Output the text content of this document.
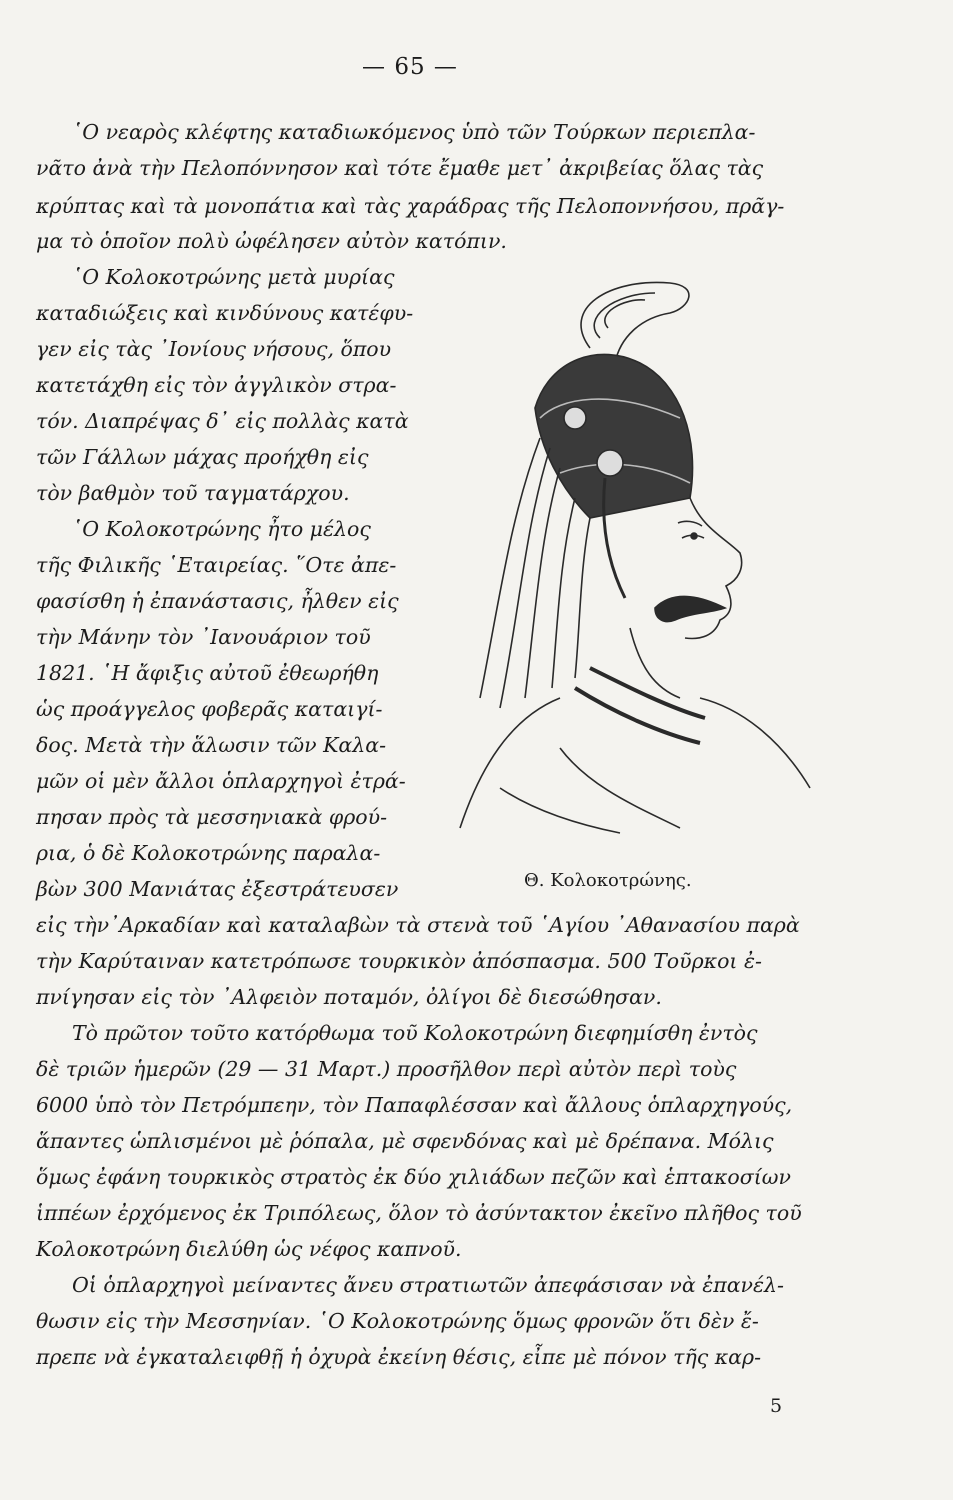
— 65 —
῾Ο νεαρὸς κλέφτης καταδιωκόμενος ὑπὸ τῶν Τούρκων περιεπλα-
νᾶτο ἀνὰ τὴν Πελοπόννησον καὶ τότε ἔμαθε μετ᾽ ἀκριβείας ὅλας τὰς
κρύπτας καὶ τὰ μονοπάτια καὶ τὰς χαράδρας τῆς Πελοποννήσου, πρᾶγ-
μα τὸ ὁποῖον πολὺ ὠφέλησεν αὐτὸν κατόπιν.
῾Ο Κολοκοτρώνης μετὰ μυρίας
καταδιώξεις καὶ κινδύνους κατέφυ-
γεν εἰς τὰς ᾽Ιονίους νήσους, ὅπου
κατετάχθη εἰς τὸν ἀγγλικὸν στρα-
τόν. Διαπρέψας δ᾽ εἰς πολλὰς κατὰ
τῶν Γάλλων μάχας προήχθη εἰς
τὸν βαθμὸν τοῦ ταγματάρχου.
῾Ο Κολοκοτρώνης ἦτο μέλος
τῆς Φιλικῆς ῾Εταιρείας. ῞Οτε ἀπε-
φασίσθη ἡ ἐπανάστασις, ἦλθεν εἰς
τὴν Μάνην τὸν ᾽Ιανουάριον τοῦ
1821. ῾Η ἄφιξις αὐτοῦ ἐθεωρήθη
ὡς προάγγελος φοβερᾶς καταιγί-
δος. Μετὰ τὴν ἅλωσιν τῶν Καλα-
μῶν οἱ μὲν ἄλλοι ὁπλαρχηγοὶ ἐτρά-
πησαν πρὸς τὰ μεσσηνιακὰ φρού-
ρια, ὁ δὲ Κολοκοτρώνης παραλα-
βὼν 300 Μανιάτας ἐξεστράτευσεν	Θ. Κολοκοτρώνης.
εἰς τὴν᾽Αρκαδίαν καὶ καταλαβὼν τὰ στενὰ τοῦ ῾Αγίου ᾽Αθανασίου παρὰ
τὴν Καρύταιναν κατετρόπωσε τουρκικὸν ἀπόσπασμα. 500 Τοῦρκοι ἐ-
πνίγησαν εἰς τὸν ᾽Αλφειὸν ποταμόν, ὀλίγοι δὲ διεσώθησαν.
Τὸ πρῶτον τοῦτο κατόρθωμα τοῦ Κολοκοτρώνη διεφημίσθη ἐντὸς
δὲ τριῶν ἡμερῶν (29 — 31 Μαρτ.) προσῆλθον περὶ αὐτὸν περὶ τοὺς
6000 ὑπὸ τὸν Πετρόμπεην, τὸν Παπαφλέσσαν καὶ ἄλλους ὁπλαρχηγούς,
ἅπαντες ὡπλισμένοι μὲ ῥόπαλα, μὲ σφενδόνας καὶ μὲ δρέπανα. Μόλις
ὅμως ἐφάνη τουρκικὸς στρατὸς ἐκ δύο χιλιάδων πεζῶν καὶ ἑπτακοσίων
ἱππέων ἐρχόμενος ἐκ Τριπόλεως, ὅλον τὸ ἀσύντακτον ἐκεῖνο πλῆθος τοῦ
Κολοκοτρώνη διελύθη ὡς νέφος καπνοῦ.
Οἱ ὁπλαρχηγοὶ μείναντες ἄνευ στρατιωτῶν ἀπεφάσισαν νὰ ἐπανέλ-
θωσιν εἰς τὴν Μεσσηνίαν. ῾Ο Κολοκοτρώνης ὅμως φρονῶν ὅτι δὲν ἔ-
πρεπε νὰ ἐγκαταλειφθῇ ἡ ὀχυρὰ ἐκείνη θέσις, εἶπε μὲ πόνον τῆς καρ-
5
